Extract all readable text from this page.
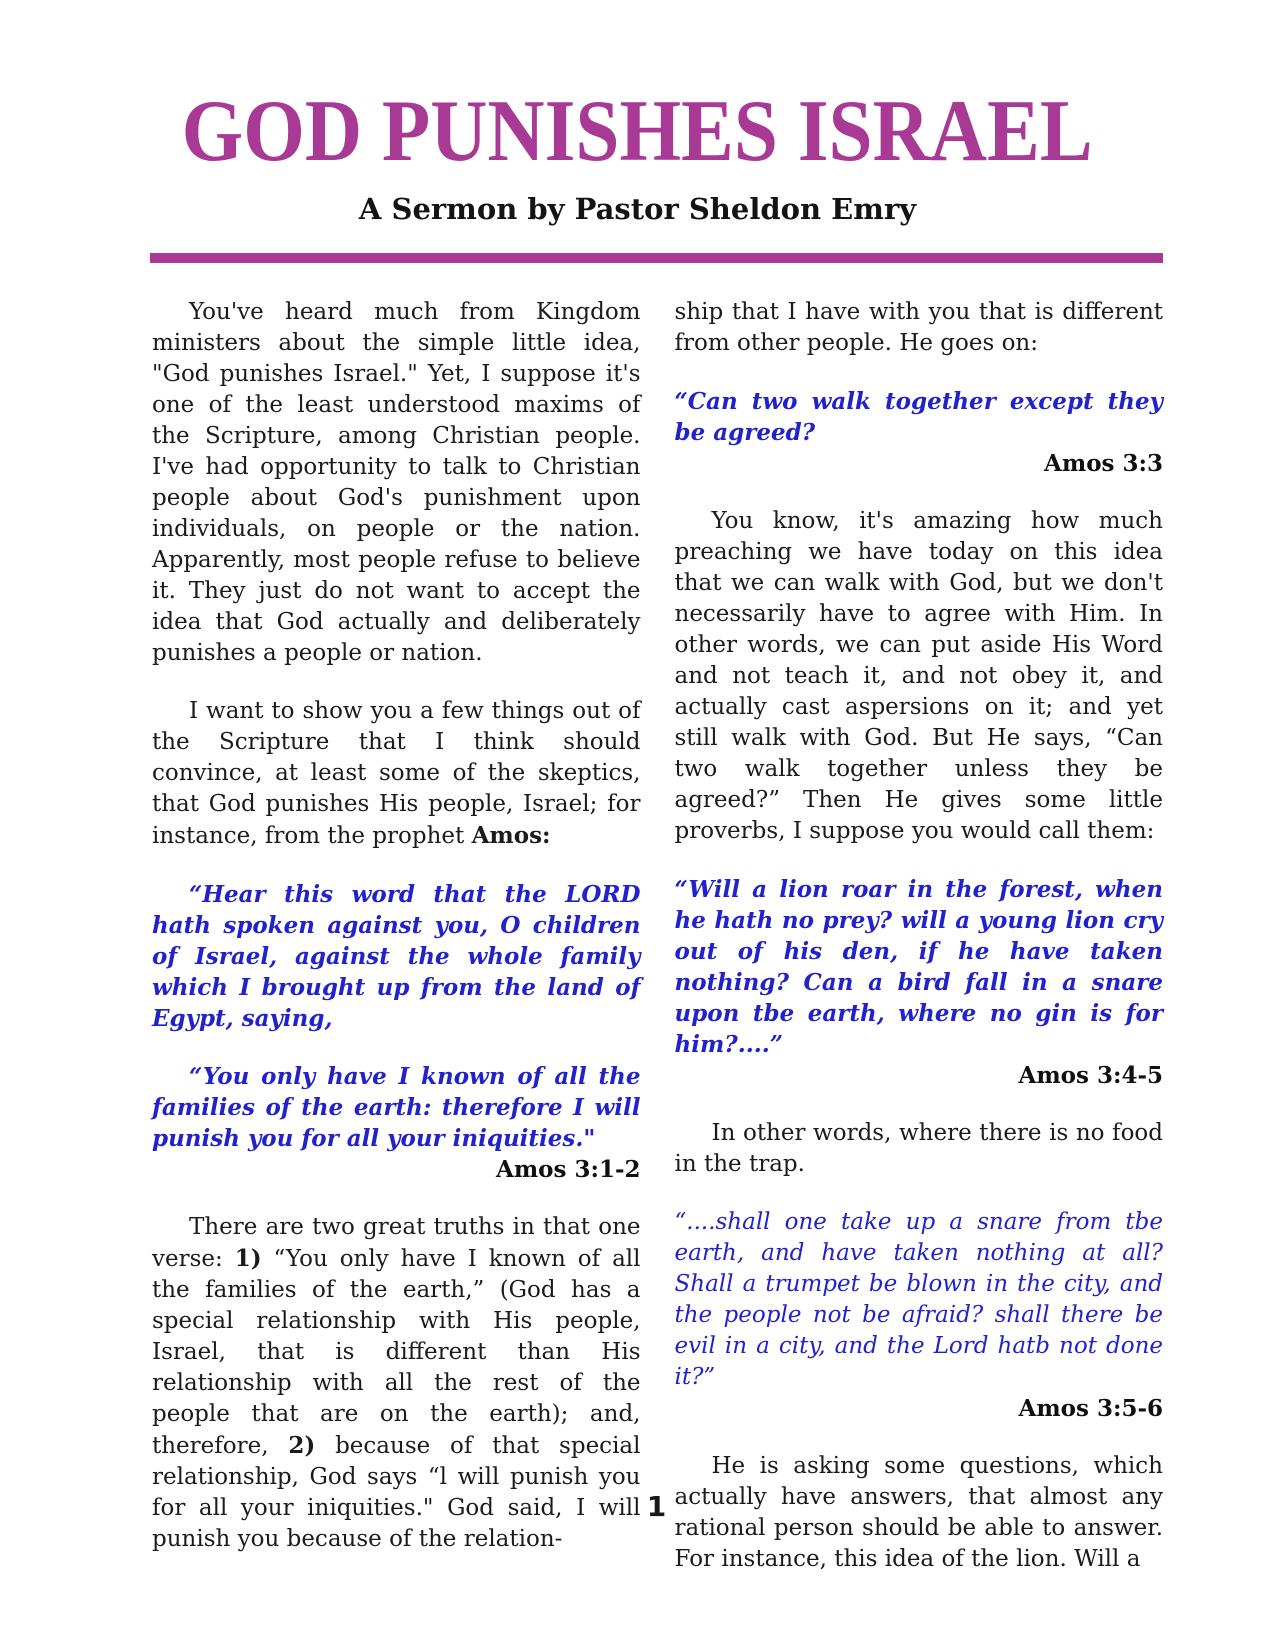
GOD PUNISHES ISRAEL
A Sermon by Pastor Sheldon Emry

You've heard much from Kingdom ministers about the simple little idea, "God punishes Israel." Yet, I suppose it's one of the least understood maxims of the Scripture, among Christian people. I've had opportunity to talk to Christian people about God's punishment upon individuals, on people or the nation. Apparently, most people refuse to believe it. They just do not want to accept the idea that God actually and deliberately punishes a people or nation.

I want to show you a few things out of the Scripture that I think should convince, at least some of the skeptics, that God punishes His people, Israel; for instance, from the prophet Amos:

“Hear this word that the LORD hath spoken against you, O children of Israel, against the whole family which I brought up from the land of Egypt, saying,

“You only have I known of all the families of the earth: therefore I will punish you for all your iniquities."

Amos 3:1-2

There are two great truths in that one verse: 1) “You only have I known of all the families of the earth,” (God has a special relationship with His people, Israel, that is different than His relationship with all the rest of the people that are on the earth); and, therefore, 2) because of that special relationship, God says “l will punish you for all your iniquities." God said, I will punish you because of the relation-

ship that I have with you that is different from other people. He goes on:

“Can two walk together except they be agreed?

Amos 3:3

You know, it's amazing how much preaching we have today on this idea that we can walk with God, but we don't necessarily have to agree with Him. In other words, we can put aside His Word and not teach it, and not obey it, and actually cast aspersions on it; and yet still walk with God. But He says, “Can two walk together unless they be agreed?” Then He gives some little proverbs, I suppose you would call them:

“Will a lion roar in the forest, when he hath no prey? will a young lion cry out of his den, if he have taken nothing? Can a bird fall in a snare upon tbe earth, where no gin is for him?....”

Amos 3:4-5

In other words, where there is no food in the trap.

“....shall one take up a snare from tbe earth, and have taken nothing at all? Shall a trumpet be blown in the city, and the people not be afraid? shall there be evil in a city, and the Lord hatb not done it?”

Amos 3:5-6

He is asking some questions, which actually have answers, that almost any rational person should be able to answer. For instance, this idea of the lion. Will a

1
